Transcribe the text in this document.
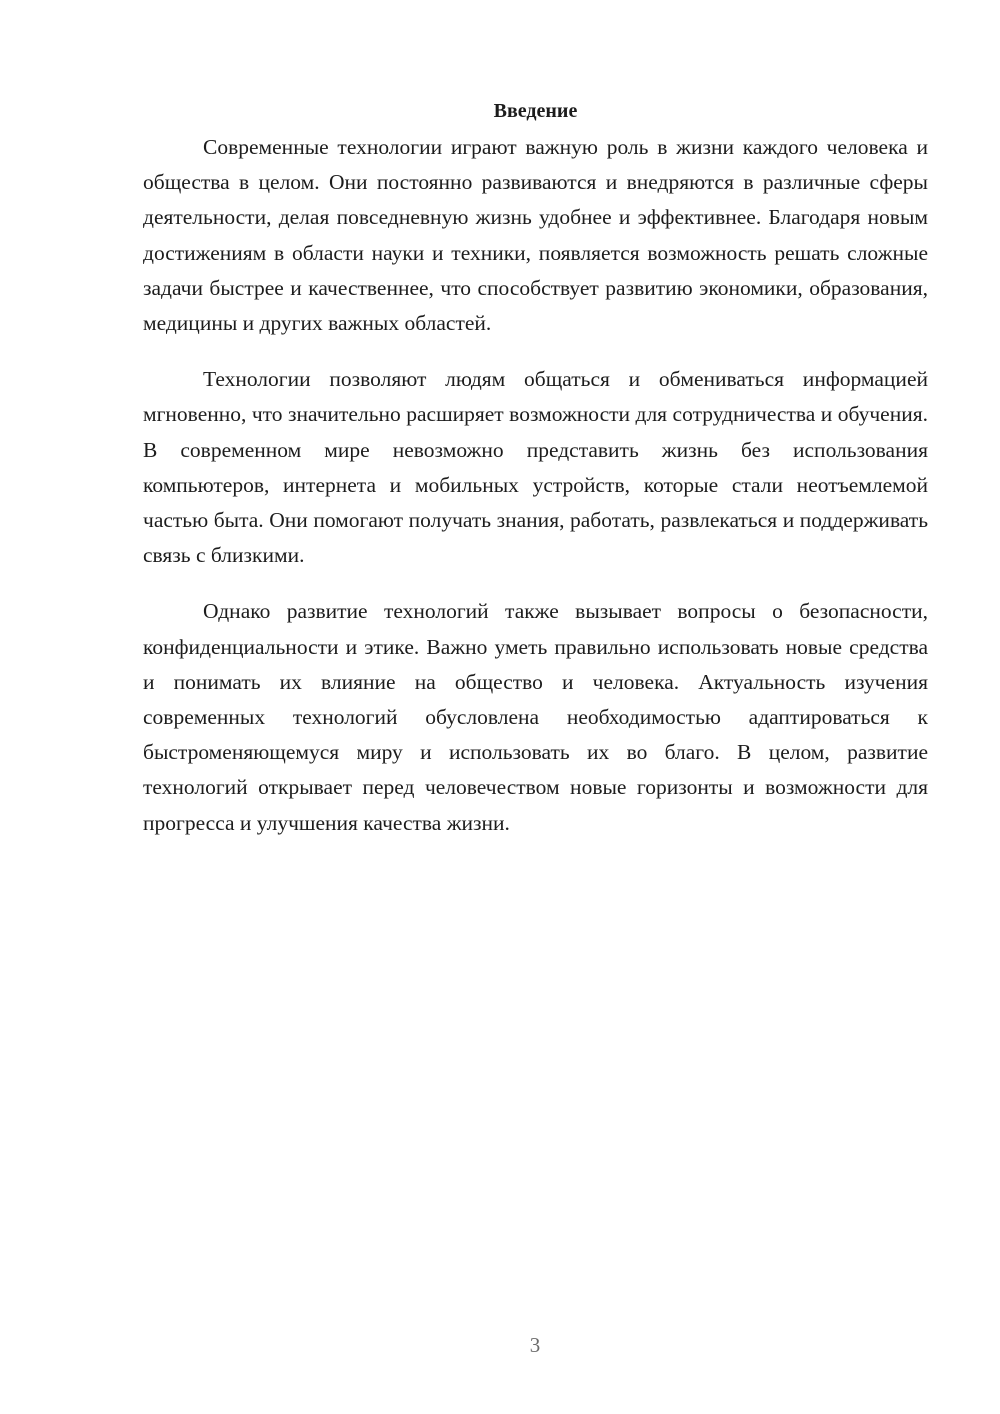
Введение

Современные технологии играют важную роль в жизни каждого человека и общества в целом. Они постоянно развиваются и внедряются в различные сферы деятельности, делая повседневную жизнь удобнее и эффективнее. Благодаря новым достижениям в области науки и техники, появляется возможность решать сложные задачи быстрее и качественнее, что способствует развитию экономики, образования, медицины и других важных областей.

Технологии позволяют людям общаться и обмениваться информацией мгновенно, что значительно расширяет возможности для сотрудничества и обучения. В современном мире невозможно представить жизнь без использования компьютеров, интернета и мобильных устройств, которые стали неотъемлемой частью быта. Они помогают получать знания, работать, развлекаться и поддерживать связь с близкими.

Однако развитие технологий также вызывает вопросы о безопасности, конфиденциальности и этике. Важно уметь правильно использовать новые средства и понимать их влияние на общество и человека. Актуальность изучения современных технологий обусловлена необходимостью адаптироваться к быстроменяющемуся миру и использовать их во благо. В целом, развитие технологий открывает перед человечеством новые горизонты и возможности для прогресса и улучшения качества жизни.

3
